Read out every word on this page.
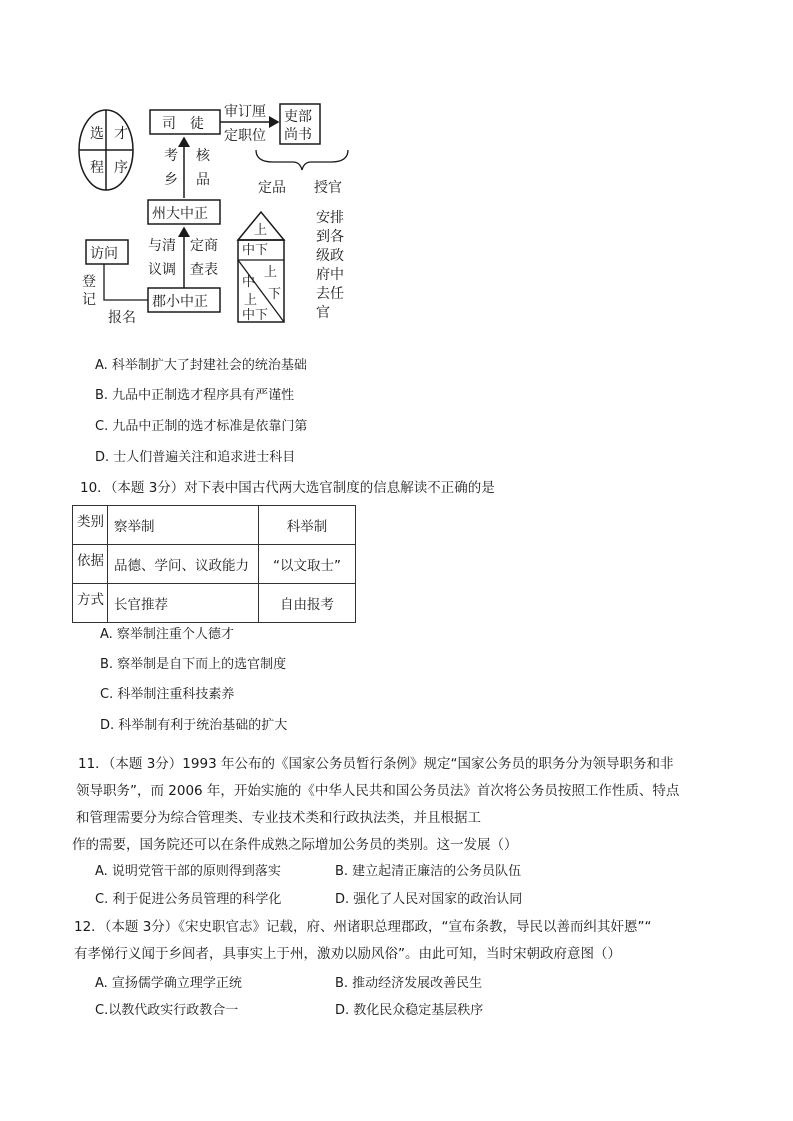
选 才
程 序
司　徒
审订厘
定职位
吏部
尚书
定品 授官
考
乡
核
品
州大中正
与清
议调
定商
查表
访问
登
记	郡小中正
报名
上
中下
上
中
下
上
中下
安排
到各
级政
府中
去任
官
A. 科举制扩大了封建社会的统治基础
B. 九品中正制选才程序具有严谨性
C. 九品中正制的选才标准是依靠门第
D. 士人们普遍关注和追求进士科目
10．（本题 3分）对下表中国古代两大选官制度的信息解读不正确的是
类别	察举制	科举制
依据	品德、学问、议政能力	“以文取士”
方式	长官推荐	自由报考
A. 察举制注重个人德才
B. 察举制是自下而上的选官制度
C. 科举制注重科技素养
D. 科举制有利于统治基础的扩大
11．（本题 3分）1993 年公布的《国家公务员暂行条例》规定“国家公务员的职务分为领导职务和非
领导职务”，而 2006 年，开始实施的《中华人民共和国公务员法》首次将公务员按照工作性质、特点
和管理需要分为综合管理类、专业技术类和行政执法类，并且根据工
作的需要，国务院还可以在条件成熟之际增加公务员的类别。这一发展（）
A. 说明党管干部的原则得到落实	B. 建立起清正廉洁的公务员队伍
C. 利于促进公务员管理的科学化	D. 强化了人民对国家的政治认同
12．（本题 3分）《宋史职官志》记载，府、州诸职总理郡政，“宣布条教，导民以善而纠其奸慝”“
有孝悌行义闻于乡闾者，具事实上于州，激劝以励风俗”。由此可知，当时宋朝政府意图（）
A. 宣扬儒学确立理学正统	B. 推动经济发展改善民生
C.以教代政实行政教合一	D. 教化民众稳定基层秩序
